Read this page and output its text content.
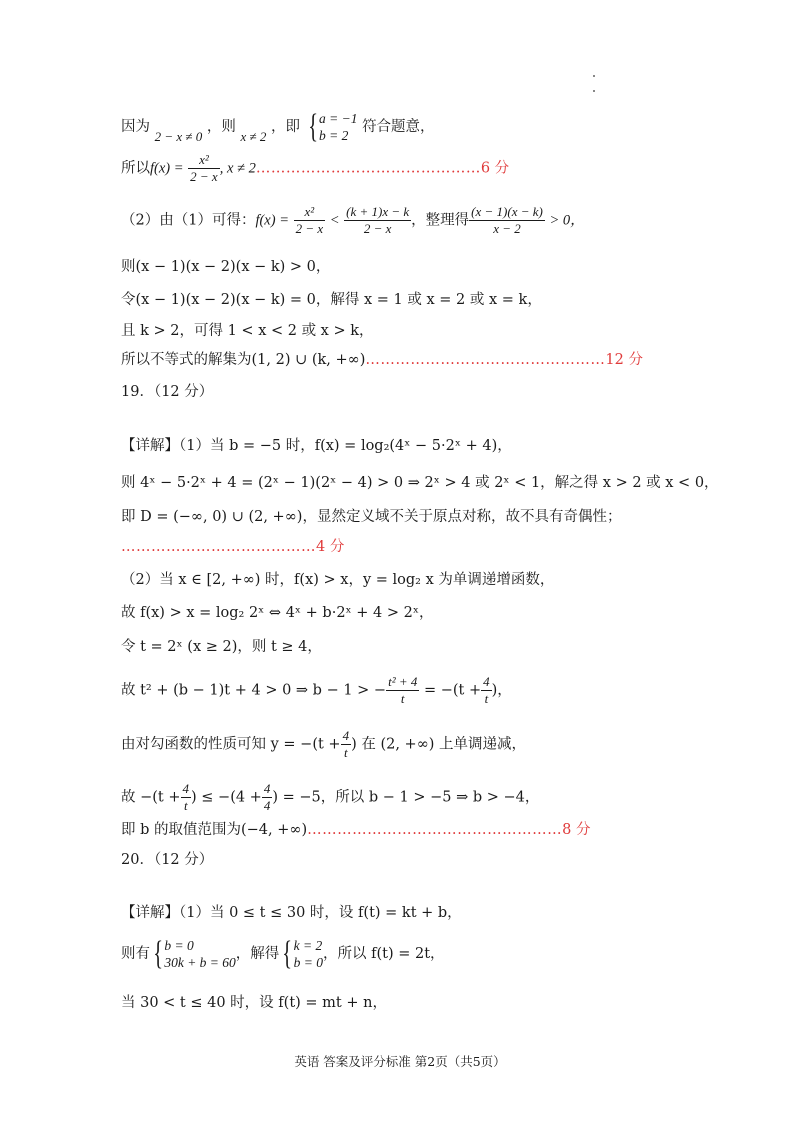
因为 2 − x ≠ 0 ，则 x ≠ 2 ，即 { a = −1
b = 2
符合题意，
所以$f(x) = \frac{\text{x²}}{2 - x}$ , x ≠ 2………………………………………6 分
（2）由（1）可得：$f(x) = \frac{\text{x²}}{2 - x} < \frac{(k + 1)x - k}{2 - x}$ ，整理得 $\frac{(x - 1)(x - k)}{x - 2} > 0$，
则(x − 1)(x − 2)(x − k) > 0，
令(x − 1)(x − 2)(x − k) = 0，解得 x = 1 或 x = 2 或 x = k，
且 k > 2，可得 1 < x < 2 或 x > k，
所以不等式的解集为(1, 2) ∪ (k, +∞)…………………………………………12 分
19．（12 分）
【详解】（1）当 b = −5 时，f(x) = log₂(4ˣ − 5·2ˣ + 4)，
则 4ˣ − 5·2ˣ + 4 = (2ˣ − 1)(2ˣ − 4) > 0 ⇒ 2ˣ > 4 或 2ˣ < 1，解之得 x > 2 或 x < 0，
即 D = (−∞, 0) ∪ (2, +∞)，显然定义域不关于原点对称，故不具有奇偶性；
…………………………………4 分
（2）当 x ∈ [2, +∞) 时，f(x) > x，y = log₂ x 为单调递增函数，
故 f(x) > x = log₂ 2ˣ ⇔ 4ˣ + b·2ˣ + 4 > 2ˣ，
令 t = 2ˣ (x ≥ 2)，则 t ≥ 4，
故 t² + (b − 1)t + 4 > 0 ⇒ b − 1 > − $\frac{\text{t² + 4}}{t} = -(t + \frac{4}{t}$ )，
由对勾函数的性质可知 $y = -(t + \frac{4}{t}$ ) 在 (2, +∞) 上单调递减，
故 $-(t + \frac{4}{t}$ ) ≤ $-(4 + \frac{4}{4}$ ) = −5，所以 b − 1 > −5 ⇒ b > −4，
即 b 的取值范围为(−4, +∞)……………………………………………8 分
20．（12 分）
【详解】（1）当 0 ≤ t ≤ 30 时，设 f(t) = kt + b，
则有{ b = 0
30k + b = 60
，解得{ k = 2
b = 0
，所以 f(t) = 2t，
当 30 < t ≤ 40 时，设 f(t) = mt + n，
英语 答案及评分标准 第2页（共5页）
